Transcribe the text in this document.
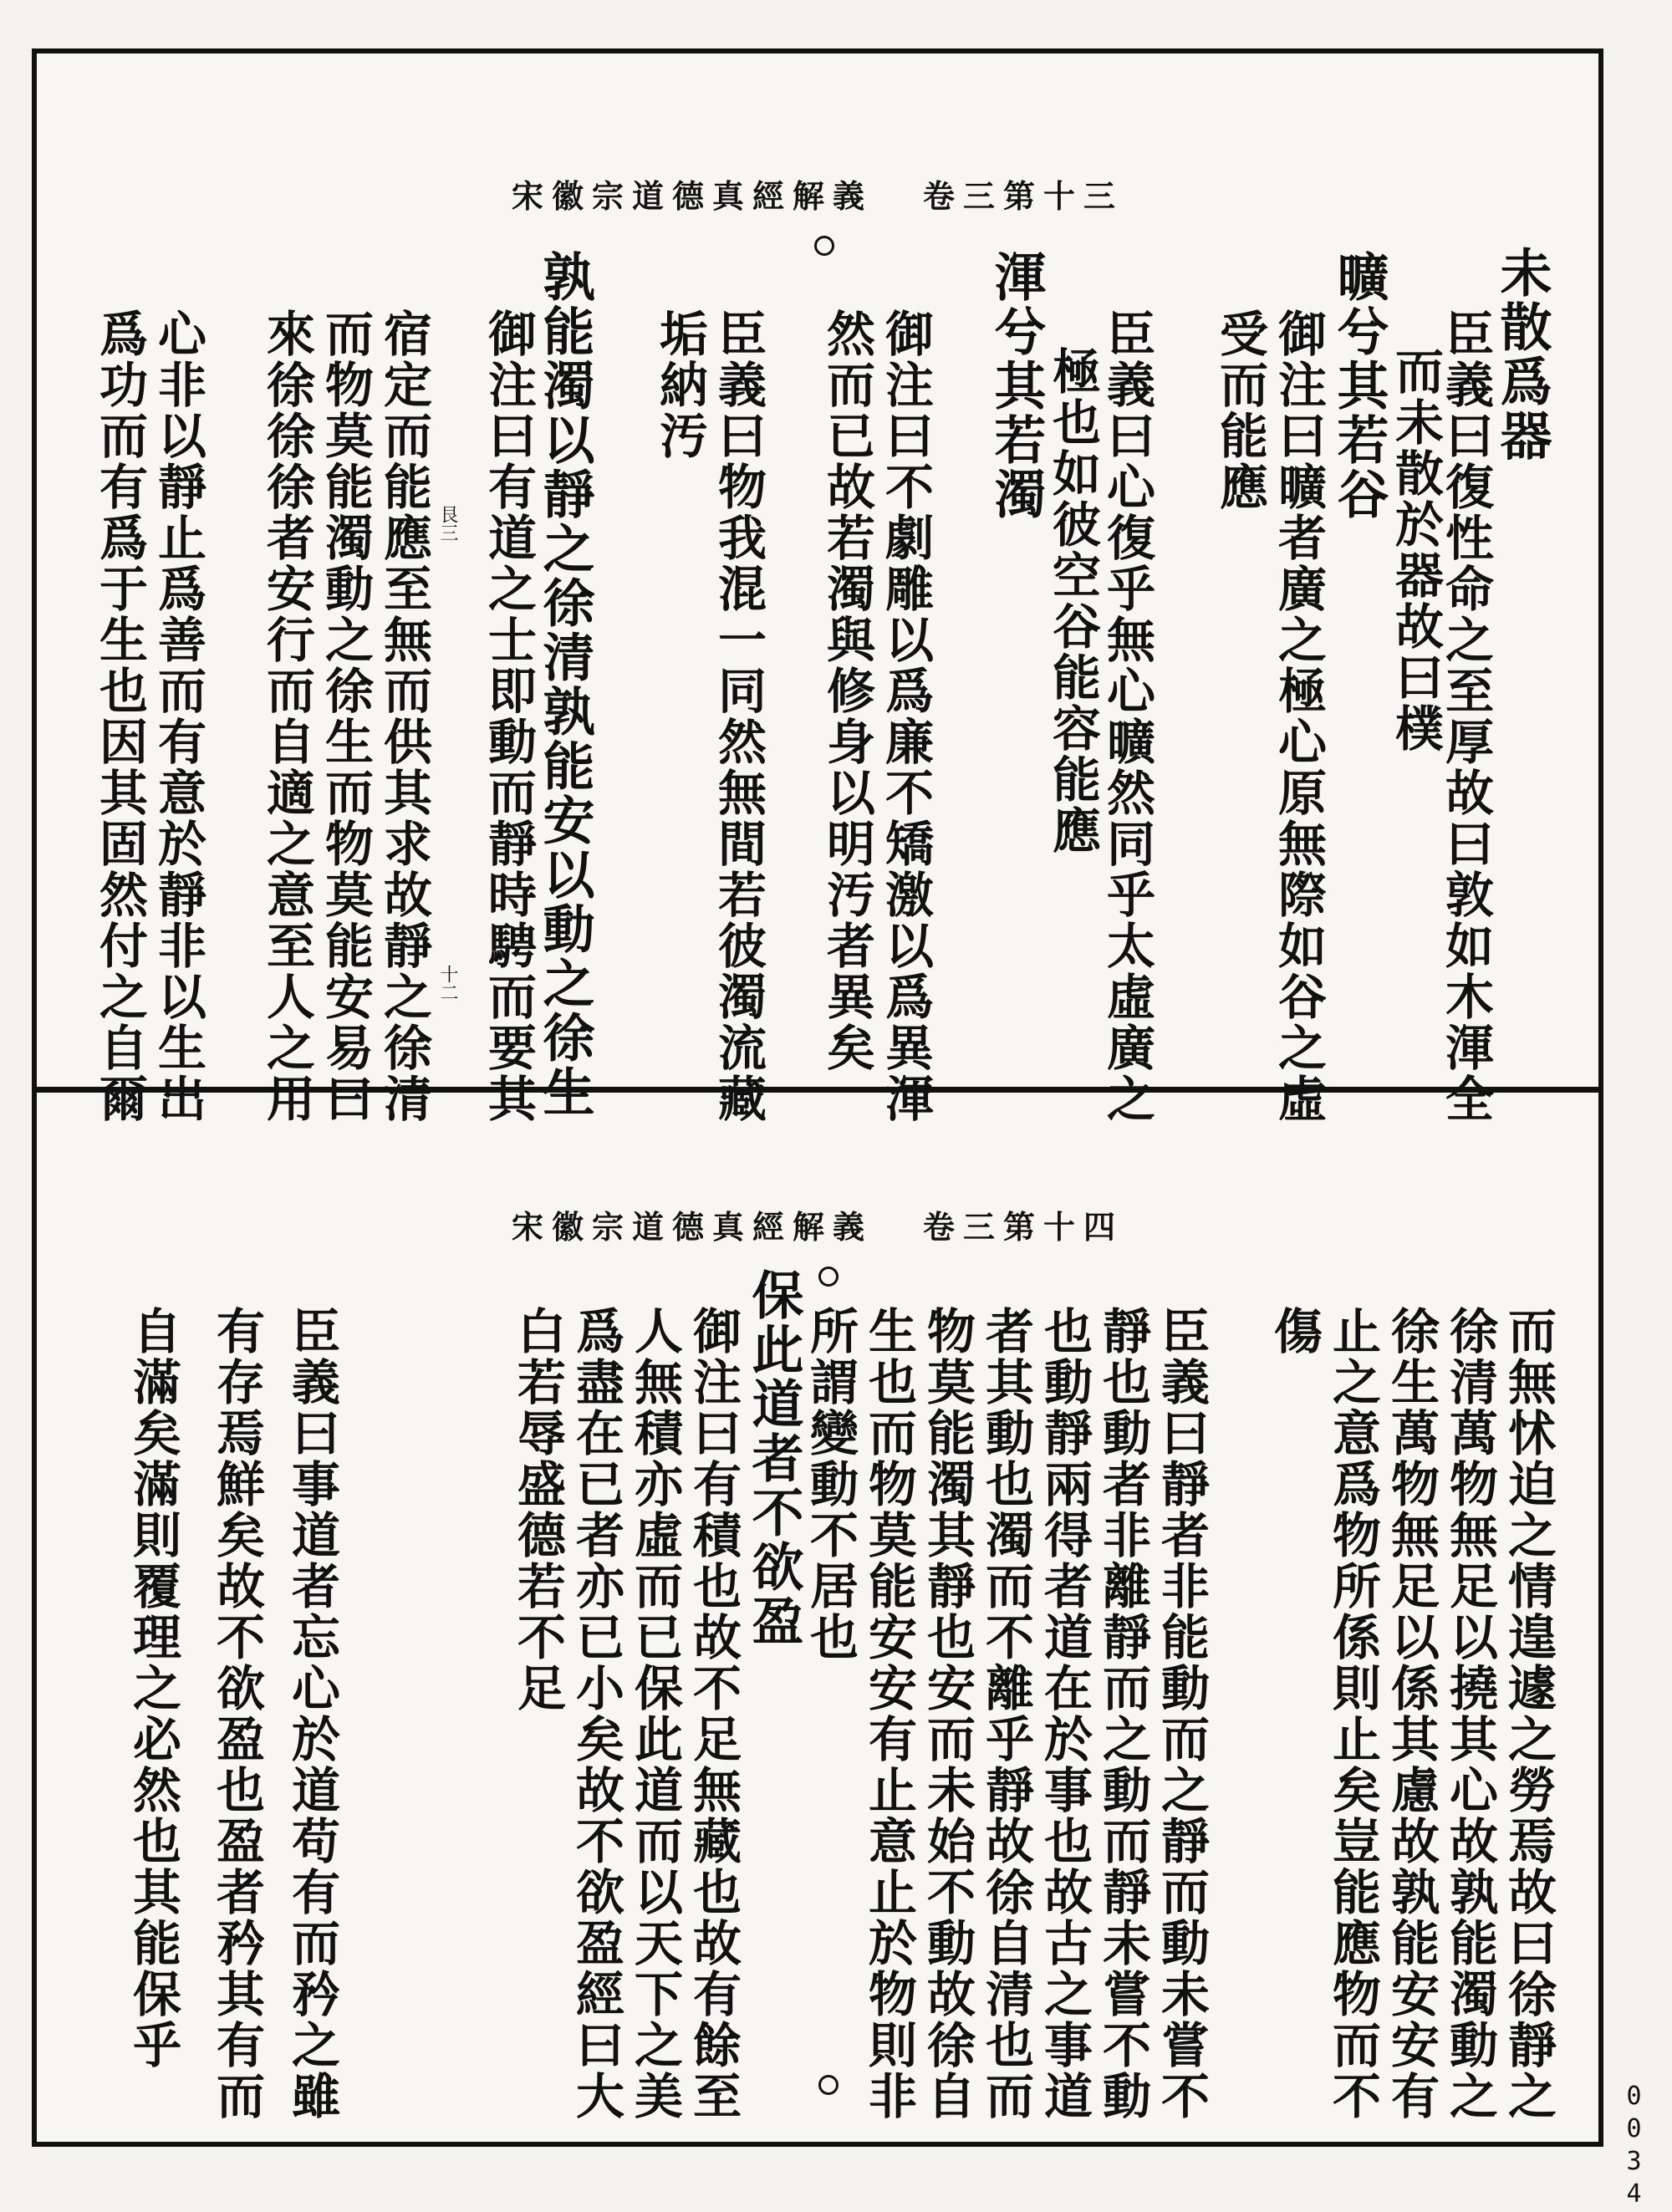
宋徽宗道德真經解義 卷三第十三
未散爲器
臣義曰復性命之至厚故曰敦如木渾全
而未散於器故曰樸
曠兮其若谷
御注曰曠者廣之極心原無際如谷之虛
受而能應
臣義曰心復乎無心曠然同乎太虛廣之
極也如彼空谷能容能應
渾兮其若濁
御注曰不劇雕以爲廉不矯激以爲異渾
然而已故若濁與修身以明汚者異矣
臣義曰物我混一同然無間若彼濁流藏
垢納汚
孰能濁以靜之徐清孰能安以動之徐生
御注曰有道之士即動而靜時騁而要其
宿定而能應至無而供其求故靜之徐清
而物莫能濁動之徐生而物莫能安易曰
來徐徐徐者安行而自適之意至人之用
心非以靜止爲善而有意於靜非以生出
爲功而有爲于生也因其固然付之自爾	艮三
十二
宋徽宗道德真經解義 卷三第十四
而無怵迫之情遑遽之勞焉故曰徐靜之
徐清萬物無足以撓其心故孰能濁動之
徐生萬物無足以係其慮故孰能安安有
止之意爲物所係則止矣豈能應物而不
傷
臣義曰靜者非能動而之靜而動未嘗不
靜也動者非離靜而之動而靜未嘗不動
也動靜兩得者道在於事也故古之事道
者其動也濁而不離乎靜故徐自清也而
物莫能濁其靜也安而未始不動故徐自
生也而物莫能安安有止意止於物則非
所謂變動不居也
保此道者不欲盈
御注曰有積也故不足無藏也故有餘至
人無積亦虛而已保此道而以天下之美
爲盡在已者亦已小矣故不欲盈經曰大
白若辱盛德若不足
臣義曰事道者忘心於道苟有而矜之雖
有存焉鮮矣故不欲盈也盈者矜其有而
自滿矣滿則覆理之必然也其能保乎
0034
